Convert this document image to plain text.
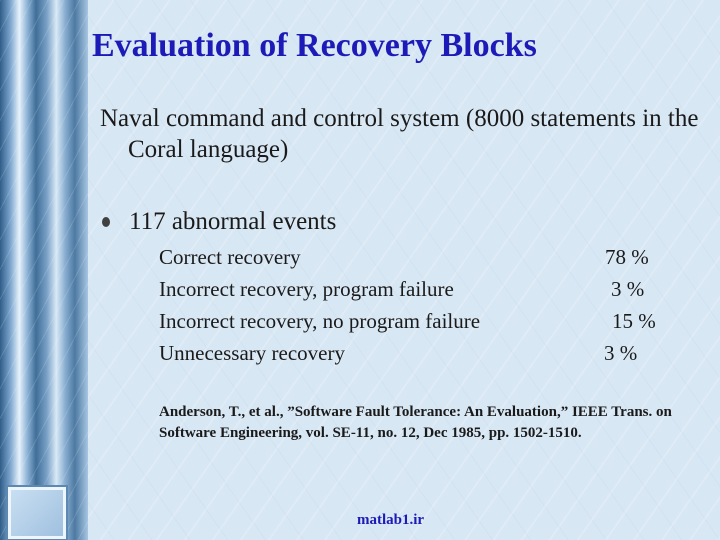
Evaluation of Recovery Blocks
Naval command and control system (8000 statements in the Coral language)
117 abnormal events
Correct recovery	78 %
Incorrect recovery, program failure	3 %
Incorrect recovery, no program failure	15 %
Unnecessary recovery	3 %
Anderson, T., et al., ”Software Fault Tolerance: An Evaluation,” IEEE Trans. on Software Engineering, vol. SE-11, no. 12, Dec 1985, pp. 1502-1510.
matlab1.ir
